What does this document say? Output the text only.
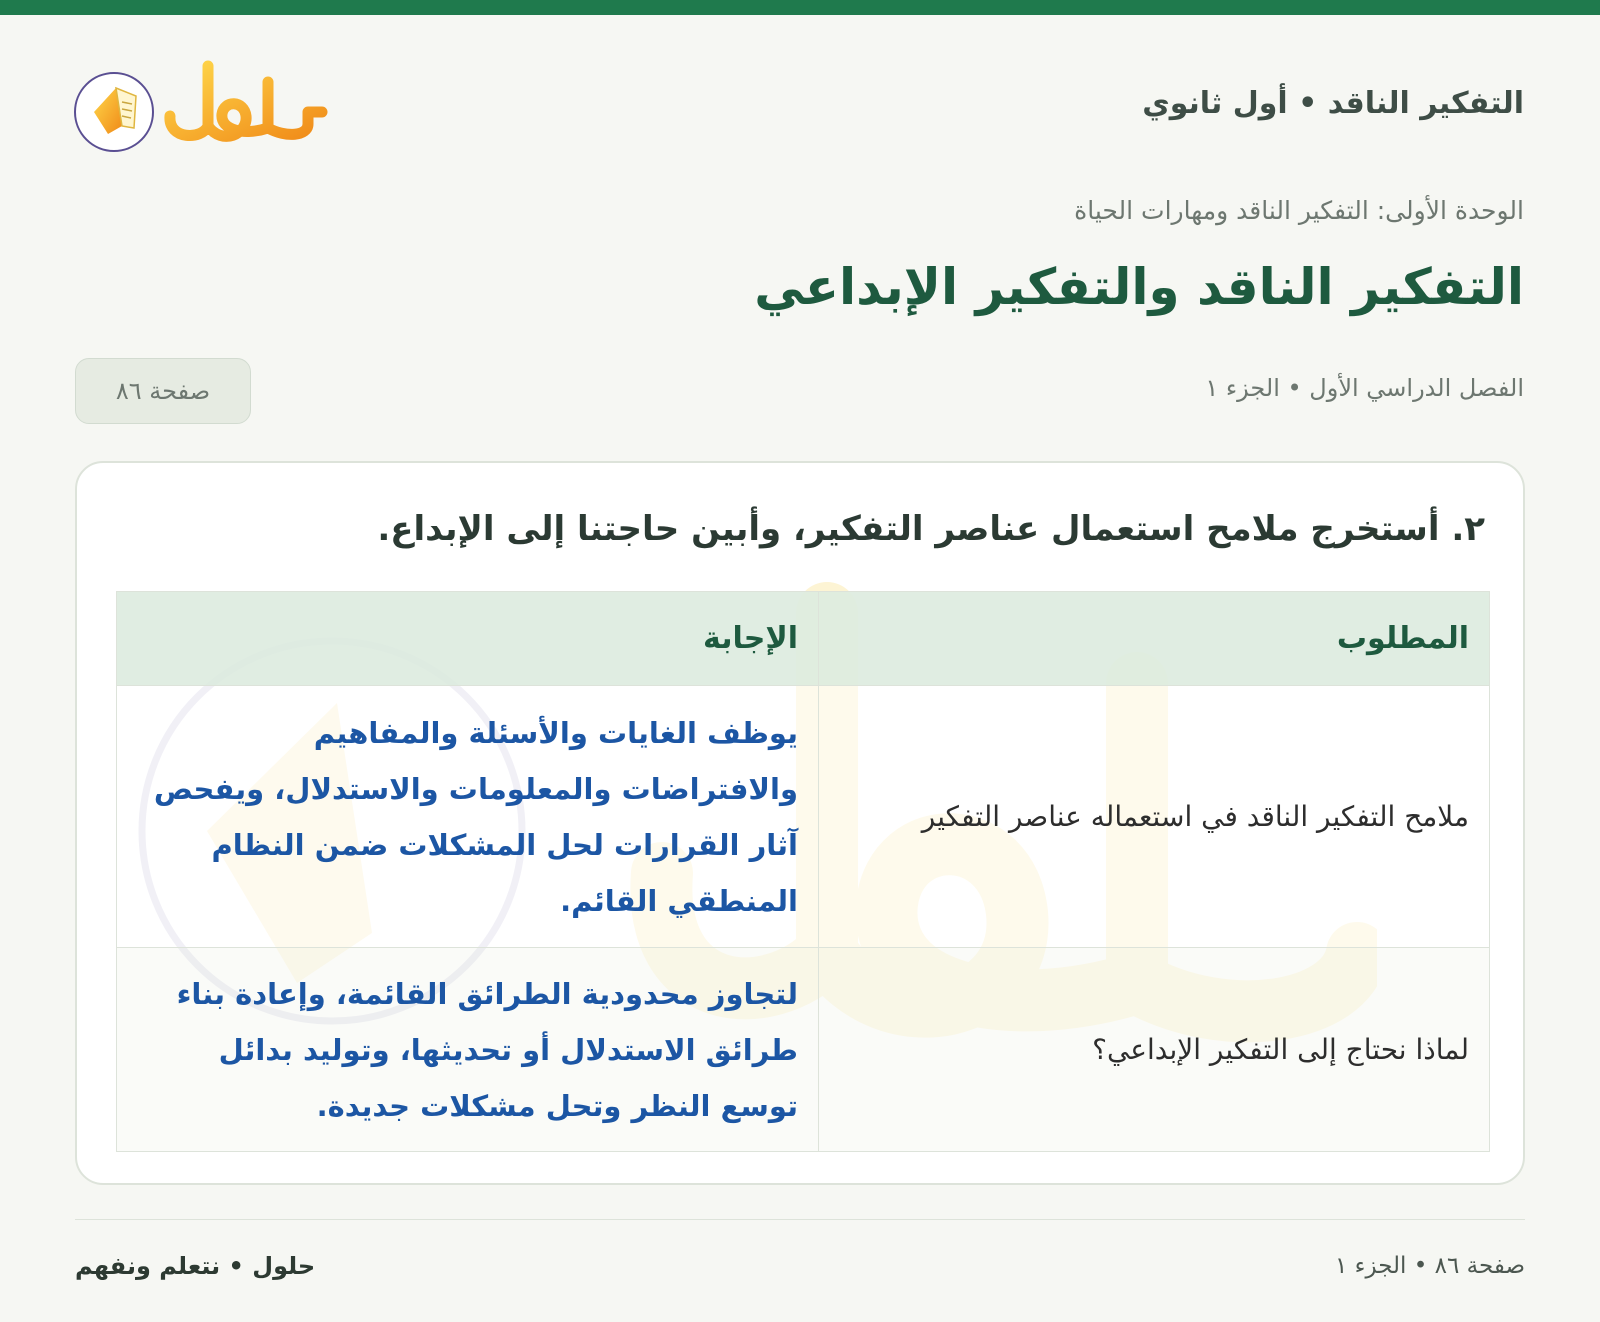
التفكير الناقد • أول ثانوي
الوحدة الأولى: التفكير الناقد ومهارات الحياة
التفكير الناقد والتفكير الإبداعي
الفصل الدراسي الأول • الجزء ١
صفحة ٨٦
٢. أستخرج ملامح استعمال عناصر التفكير، وأبين حاجتنا إلى الإبداع.
المطلوب	الإجابة
ملامح التفكير الناقد في استعماله عناصر التفكير	يوظف الغايات والأسئلة والمفاهيم والافتراضات والمعلومات والاستدلال، ويفحص آثار القرارات لحل المشكلات ضمن النظام المنطقي القائم.
لماذا نحتاج إلى التفكير الإبداعي؟	لتجاوز محدودية الطرائق القائمة، وإعادة بناء طرائق الاستدلال أو تحديثها، وتوليد بدائل توسع النظر وتحل مشكلات جديدة.
صفحة ٨٦ • الجزء ١
حلول • نتعلم ونفهم
